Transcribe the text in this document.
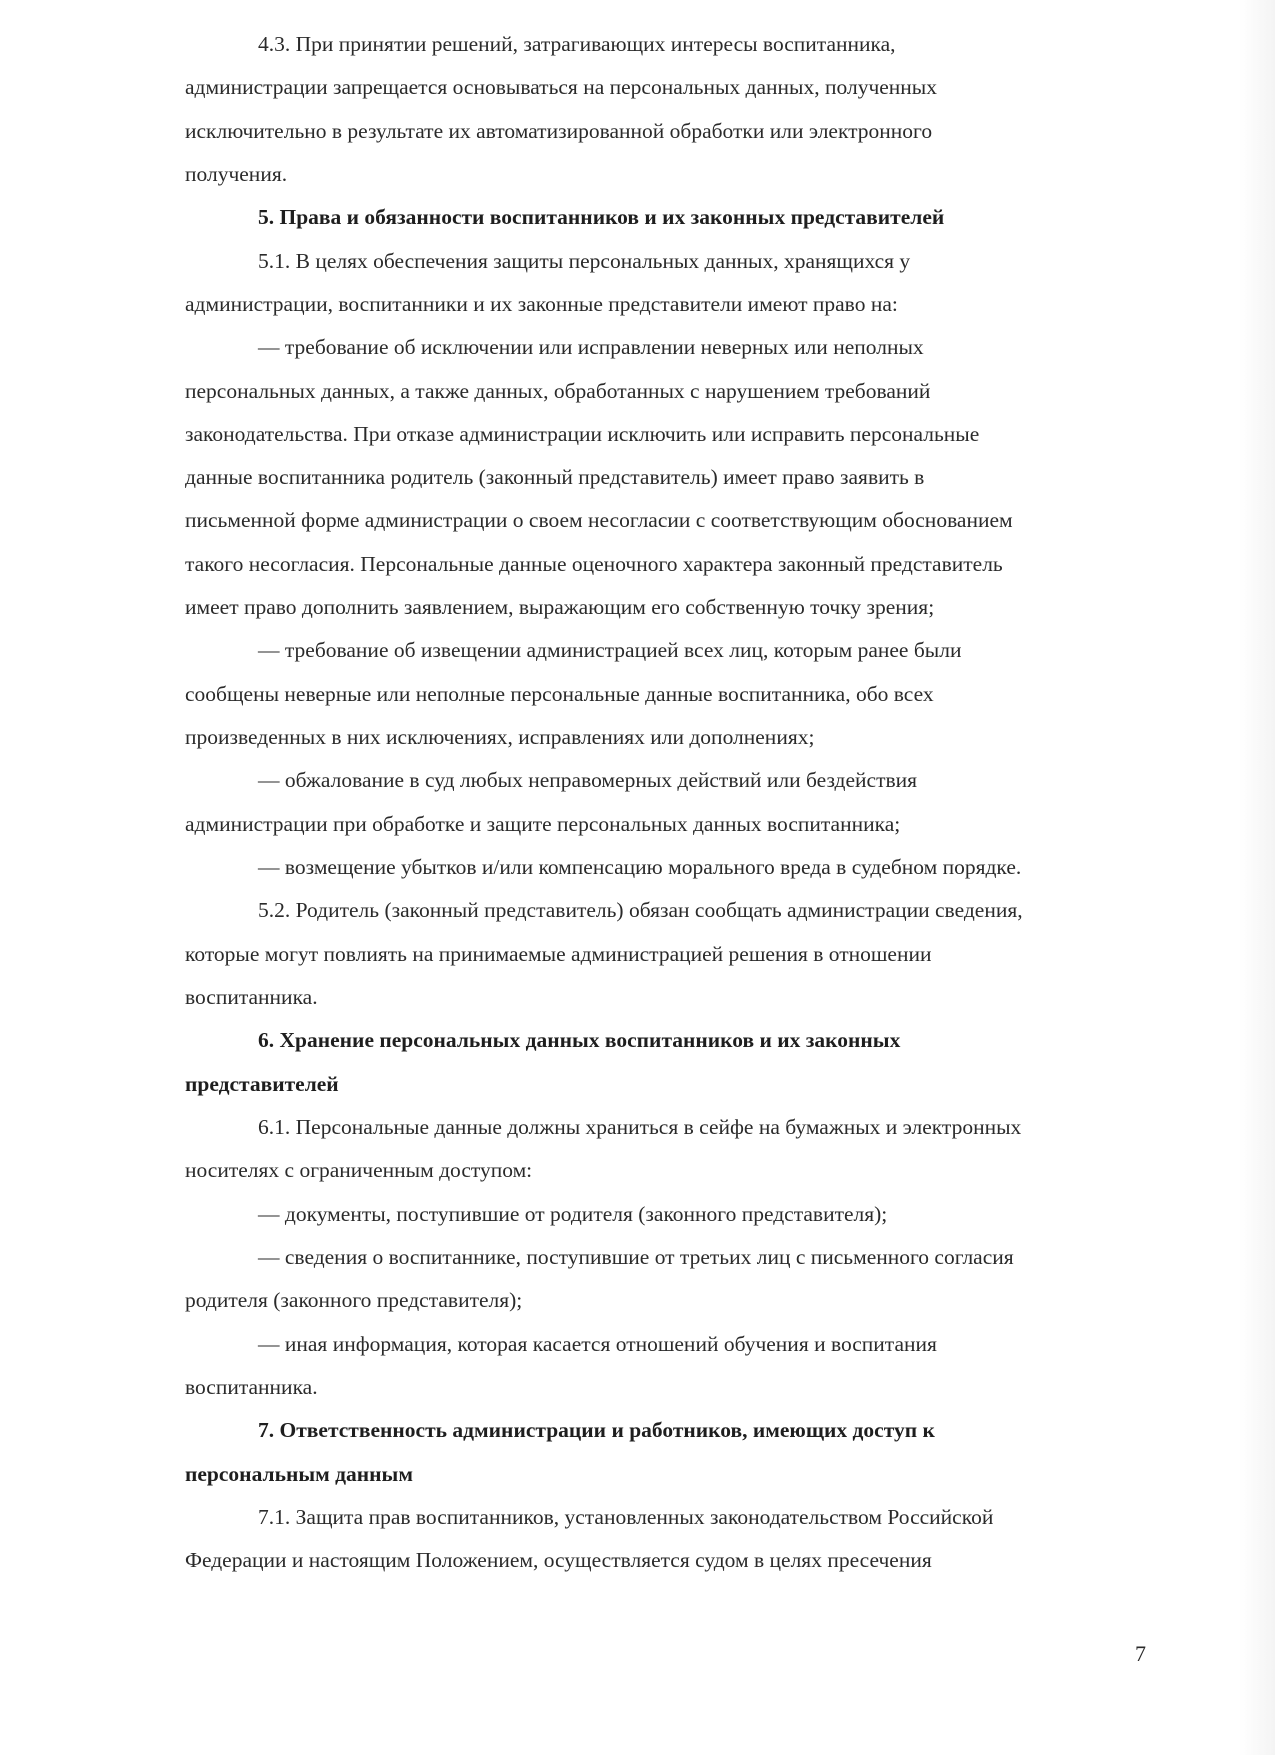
4.3. При принятии решений, затрагивающих интересы воспитанника,
администрации запрещается основываться на персональных данных, полученных
исключительно в результате их автоматизированной обработки или электронного
получения.
5. Права и обязанности воспитанников и их законных представителей
5.1. В целях обеспечения защиты персональных данных, хранящихся у
администрации, воспитанники и их законные представители имеют право на:
— требование об исключении или исправлении неверных или неполных
персональных данных, а также данных, обработанных с нарушением требований
законодательства. При отказе администрации исключить или исправить персональные
данные воспитанника родитель (законный представитель) имеет право заявить в
письменной форме администрации о своем несогласии с соответствующим обоснованием
такого несогласия. Персональные данные оценочного характера законный представитель
имеет право дополнить заявлением, выражающим его собственную точку зрения;
— требование об извещении администрацией всех лиц, которым ранее были
сообщены неверные или неполные персональные данные воспитанника, обо всех
произведенных в них исключениях, исправлениях или дополнениях;
— обжалование в суд любых неправомерных действий или бездействия
администрации при обработке и защите персональных данных воспитанника;
— возмещение убытков и/или компенсацию морального вреда в судебном порядке.
5.2. Родитель (законный представитель) обязан сообщать администрации сведения,
которые могут повлиять на принимаемые администрацией решения в отношении
воспитанника.
6. Хранение персональных данных воспитанников и их законных
представителей
6.1. Персональные данные должны храниться в сейфе на бумажных и электронных
носителях с ограниченным доступом:
— документы, поступившие от родителя (законного представителя);
— сведения о воспитаннике, поступившие от третьих лиц с письменного согласия
родителя (законного представителя);
— иная информация, которая касается отношений обучения и воспитания
воспитанника.
7. Ответственность администрации и работников, имеющих доступ к
персональным данным
7.1. Защита прав воспитанников, установленных законодательством Российской
Федерации и настоящим Положением, осуществляется судом в целях пресечения
7
